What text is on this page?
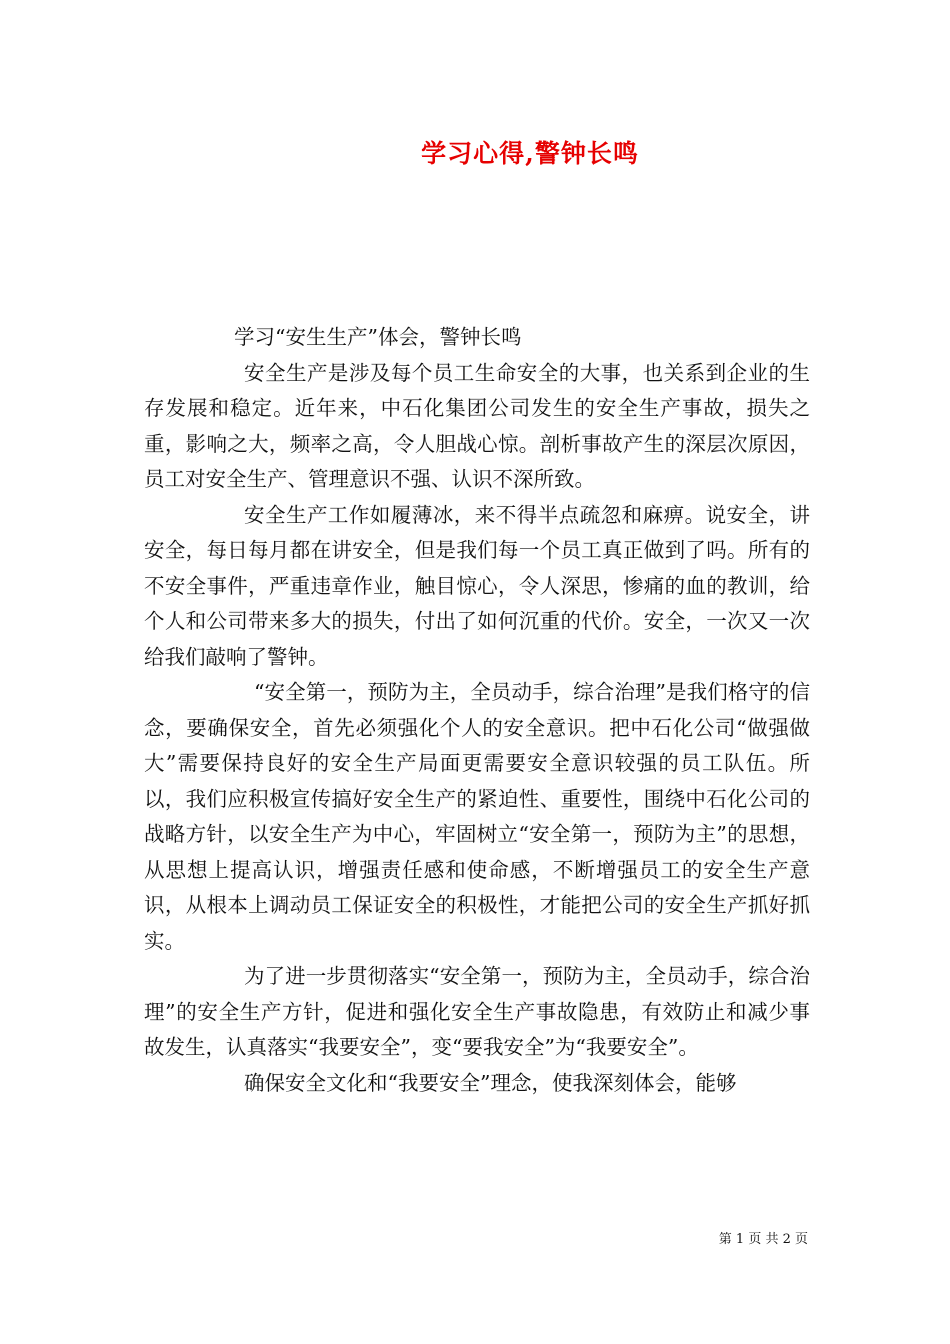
学习心得,警钟长鸣

学习“安生生产”体会，警钟长鸣

安全生产是涉及每个员工生命安全的大事，也关系到企业的生存发展和稳定。近年来，中石化集团公司发生的安全生产事故，损失之重，影响之大，频率之高，令人胆战心惊。剖析事故产生的深层次原因，员工对安全生产、管理意识不强、认识不深所致。

安全生产工作如履薄冰，来不得半点疏忽和麻痹。说安全，讲安全，每日每月都在讲安全，但是我们每一个员工真正做到了吗。所有的不安全事件，严重违章作业，触目惊心，令人深思，惨痛的血的教训，给个人和公司带来多大的损失，付出了如何沉重的代价。安全，一次又一次给我们敲响了警钟。

“安全第一，预防为主，全员动手，综合治理”是我们格守的信念，要确保安全，首先必须强化个人的安全意识。把中石化公司“做强做大”需要保持良好的安全生产局面更需要安全意识较强的员工队伍。所以，我们应积极宣传搞好安全生产的紧迫性、重要性，围绕中石化公司的战略方针，以安全生产为中心，牢固树立“安全第一，预防为主”的思想，从思想上提高认识，增强责任感和使命感，不断增强员工的安全生产意识，从根本上调动员工保证安全的积极性，才能把公司的安全生产抓好抓实。

为了进一步贯彻落实“安全第一，预防为主，全员动手，综合治理”的安全生产方针，促进和强化安全生产事故隐患，有效防止和减少事故发生，认真落实“我要安全”，变“要我安全”为“我要安全”。

确保安全文化和“我要安全”理念，使我深刻体会，能够

第 1 页 共 2 页
